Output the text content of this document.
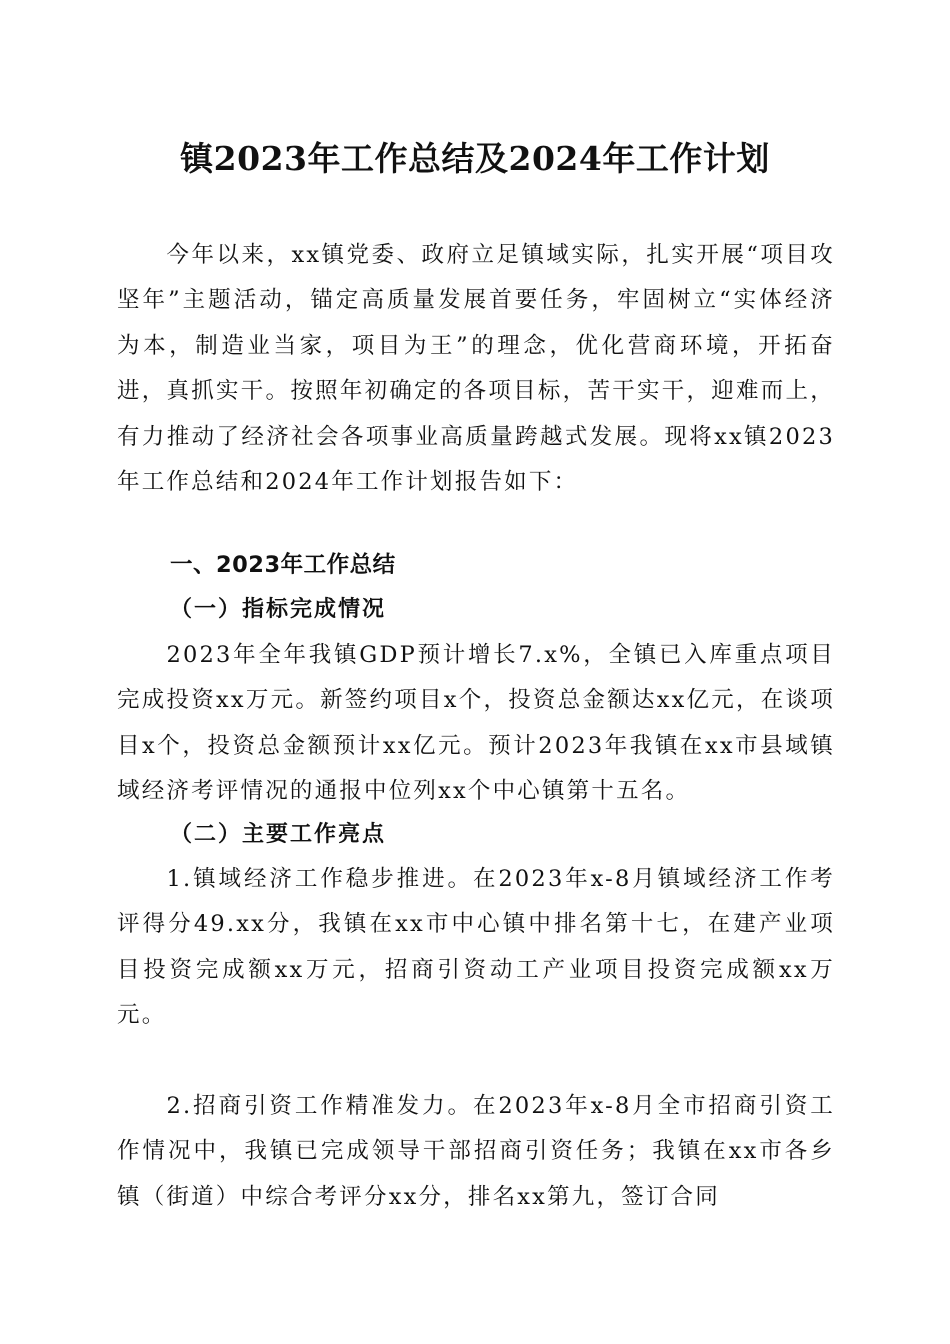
镇2023年工作总结及2024年工作计划

今年以来，xx镇党委、政府立足镇域实际，扎实开展“项目攻坚年”主题活动，锚定高质量发展首要任务，牢固树立“实体经济为本，制造业当家，项目为王”的理念，优化营商环境，开拓奋进，真抓实干。按照年初确定的各项目标，苦干实干，迎难而上，有力推动了经济社会各项事业高质量跨越式发展。现将xx镇2023年工作总结和2024年工作计划报告如下：

一、2023年工作总结
（一）指标完成情况

2023年全年我镇GDP预计增长7.x%，全镇已入库重点项目完成投资xx万元。新签约项目x个，投资总金额达xx亿元，在谈项目x个，投资总金额预计xx亿元。预计2023年我镇在xx市县域镇域经济考评情况的通报中位列xx个中心镇第十五名。

（二）主要工作亮点

1.镇域经济工作稳步推进。在2023年x-8月镇域经济工作考评得分49.xx分，我镇在xx市中心镇中排名第十七，在建产业项目投资完成额xx万元，招商引资动工产业项目投资完成额xx万元。

2.招商引资工作精准发力。在2023年x-8月全市招商引资工作情况中，我镇已完成领导干部招商引资任务；我镇在xx市各乡镇（街道）中综合考评分xx分，排名xx第九，签订合同
